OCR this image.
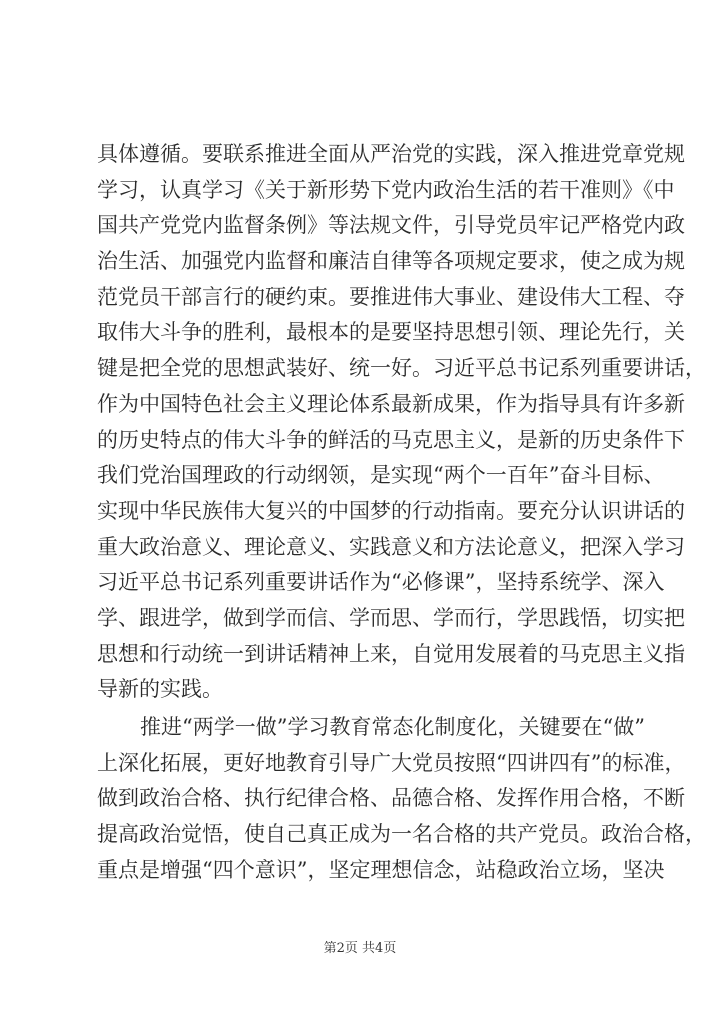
具体遵循。要联系推进全面从严治党的实践，深入推进党章党规
学习，认真学习《关于新形势下党内政治生活的若干准则》《中
国共产党党内监督条例》等法规文件，引导党员牢记严格党内政
治生活、加强党内监督和廉洁自律等各项规定要求，使之成为规
范党员干部言行的硬约束。要推进伟大事业、建设伟大工程、夺
取伟大斗争的胜利，最根本的是要坚持思想引领、理论先行，关
键是把全党的思想武装好、统一好。习近平总书记系列重要讲话，
作为中国特色社会主义理论体系最新成果，作为指导具有许多新
的历史特点的伟大斗争的鲜活的马克思主义，是新的历史条件下
我们党治国理政的行动纲领，是实现“两个一百年”奋斗目标、
实现中华民族伟大复兴的中国梦的行动指南。要充分认识讲话的
重大政治意义、理论意义、实践意义和方法论意义，把深入学习
习近平总书记系列重要讲话作为“必修课”，坚持系统学、深入
学、跟进学，做到学而信、学而思、学而行，学思践悟，切实把
思想和行动统一到讲话精神上来，自觉用发展着的马克思主义指
导新的实践。
推进“两学一做”学习教育常态化制度化，关键要在“做”
上深化拓展，更好地教育引导广大党员按照“四讲四有”的标准，
做到政治合格、执行纪律合格、品德合格、发挥作用合格，不断
提高政治觉悟，使自己真正成为一名合格的共产党员。政治合格，
重点是增强“四个意识”，坚定理想信念，站稳政治立场，坚决
第2页 共4页
